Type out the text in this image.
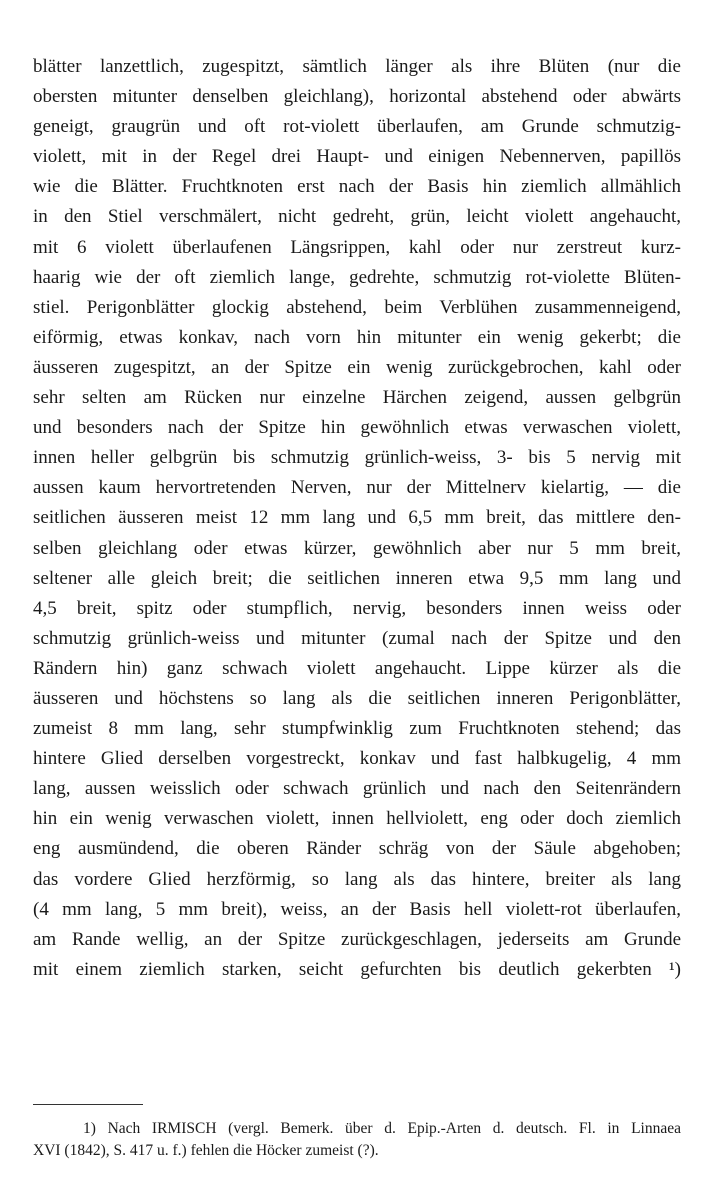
blätter lanzettlich, zugespitzt, sämtlich länger als ihre Blüten (nur die
obersten mitunter denselben gleichlang), horizontal abstehend oder abwärts
geneigt, graugrün und oft rot-violett überlaufen, am Grunde schmutzig-
violett, mit in der Regel drei Haupt- und einigen Nebennerven, papillös
wie die Blätter. Fruchtknoten erst nach der Basis hin ziemlich allmählich
in den Stiel verschmälert, nicht gedreht, grün, leicht violett angehaucht,
mit 6 violett überlaufenen Längsrippen, kahl oder nur zerstreut kurz-
haarig wie der oft ziemlich lange, gedrehte, schmutzig rot-violette Blüten-
stiel. Perigonblätter glockig abstehend, beim Verblühen zusammenneigend,
eiförmig, etwas konkav, nach vorn hin mitunter ein wenig gekerbt; die
äusseren zugespitzt, an der Spitze ein wenig zurückgebrochen, kahl oder
sehr selten am Rücken nur einzelne Härchen zeigend, aussen gelbgrün
und besonders nach der Spitze hin gewöhnlich etwas verwaschen violett,
innen heller gelbgrün bis schmutzig grünlich-weiss, 3- bis 5 nervig mit
aussen kaum hervortretenden Nerven, nur der Mittelnerv kielartig, — die
seitlichen äusseren meist 12 mm lang und 6,5 mm breit, das mittlere den-
selben gleichlang oder etwas kürzer, gewöhnlich aber nur 5 mm breit,
seltener alle gleich breit; die seitlichen inneren etwa 9,5 mm lang und
4,5 breit, spitz oder stumpflich, nervig, besonders innen weiss oder
schmutzig grünlich-weiss und mitunter (zumal nach der Spitze und den
Rändern hin) ganz schwach violett angehaucht. Lippe kürzer als die
äusseren und höchstens so lang als die seitlichen inneren Perigonblätter,
zumeist 8 mm lang, sehr stumpfwinklig zum Fruchtknoten stehend; das
hintere Glied derselben vorgestreckt, konkav und fast halbkugelig, 4 mm
lang, aussen weisslich oder schwach grünlich und nach den Seitenrändern
hin ein wenig verwaschen violett, innen hellviolett, eng oder doch ziemlich
eng ausmündend, die oberen Ränder schräg von der Säule abgehoben;
das vordere Glied herzförmig, so lang als das hintere, breiter als lang
(4 mm lang, 5 mm breit), weiss, an der Basis hell violett-rot überlaufen,
am Rande wellig, an der Spitze zurückgeschlagen, jederseits am Grunde
mit einem ziemlich starken, seicht gefurchten bis deutlich gekerbten ¹)
1) Nach IRMISCH (vergl. Bemerk. über d. Epip.-Arten d. deutsch. Fl. in Linnaea
XVI (1842), S. 417 u. f.) fehlen die Höcker zumeist (?).
